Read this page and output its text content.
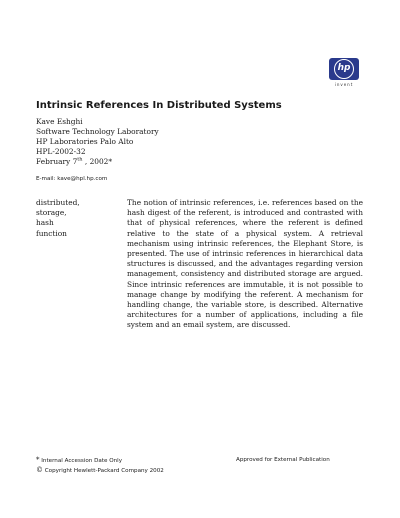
hp
invent
Intrinsic References In Distributed Systems
Kave Eshghi
Software Technology Laboratory
HP Laboratories Palo Alto
HPL-2002-32
February 7th , 2002*
E-mail: kave@hpl.hp.com
distributed,
storage,
hash
function

The notion of intrinsic references, i.e. references based on the hash digest of the referent, is introduced and contrasted with that of physical references, where the referent is defined relative to the state of a physical system. A retrieval mechanism using intrinsic references, the Elephant Store, is presented. The use of intrinsic references in hierarchical data structures is discussed, and the advantages regarding version management, consistency and distributed storage are argued. Since intrinsic references are immutable, it is not possible to manage change by modifying the referent. A mechanism for handling change, the variable store, is described. Alternative architectures for a number of applications, including a file system and an email system, are discussed.

* Internal Accession Date Only
© Copyright Hewlett-Packard Company 2002
Approved for External Publication
